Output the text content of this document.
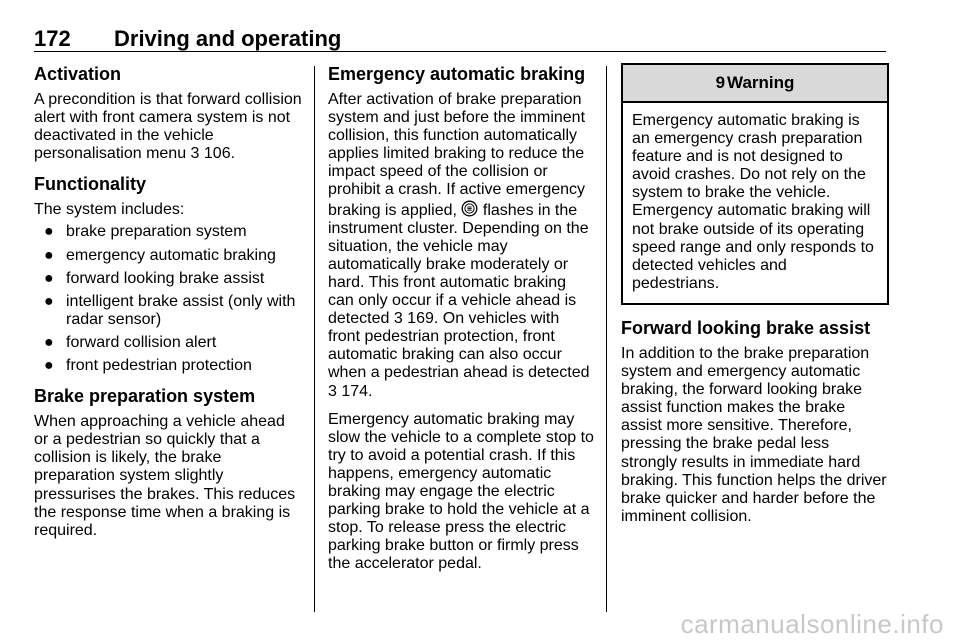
172 Driving and operating
Activation

A precondition is that forward collision alert with front camera system is not deactivated in the vehicle personalisation menu 3 106.

Functionality

The system includes:

● brake preparation system
● emergency automatic braking
● forward looking brake assist
● intelligent brake assist (only with radar sensor)
● forward collision alert
● front pedestrian protection
Brake preparation system

When approaching a vehicle ahead or a pedestrian so quickly that a collision is likely, the brake preparation system slightly pressurises the brakes. This reduces the response time when a braking is required.

Emergency automatic braking

After activation of brake preparation system and just before the imminent collision, this function automatically applies limited braking to reduce the impact speed of the collision or prohibit a crash. If active emergency braking is applied,  flashes in the instrument cluster. Depending on the situation, the vehicle may automatically brake moderately or hard. This front automatic braking can only occur if a vehicle ahead is detected 3 169. On vehicles with front pedestrian protection, front automatic braking can also occur when a pedestrian ahead is detected 3 174.

Emergency automatic braking may slow the vehicle to a complete stop to try to avoid a potential crash. If this happens, emergency automatic braking may engage the electric parking brake to hold the vehicle at a stop. To release press the electric parking brake button or firmly press the accelerator pedal.

9 Warning
Emergency automatic braking is an emergency crash preparation feature and is not designed to avoid crashes. Do not rely on the system to brake the vehicle. Emergency automatic braking will not brake outside of its operating speed range and only responds to detected vehicles and pedestrians.
Forward looking brake assist

In addition to the brake preparation system and emergency automatic braking, the forward looking brake assist function makes the brake assist more sensitive. Therefore, pressing the brake pedal less strongly results in immediate hard braking. This function helps the driver brake quicker and harder before the imminent collision.

carmanualsonline.info
